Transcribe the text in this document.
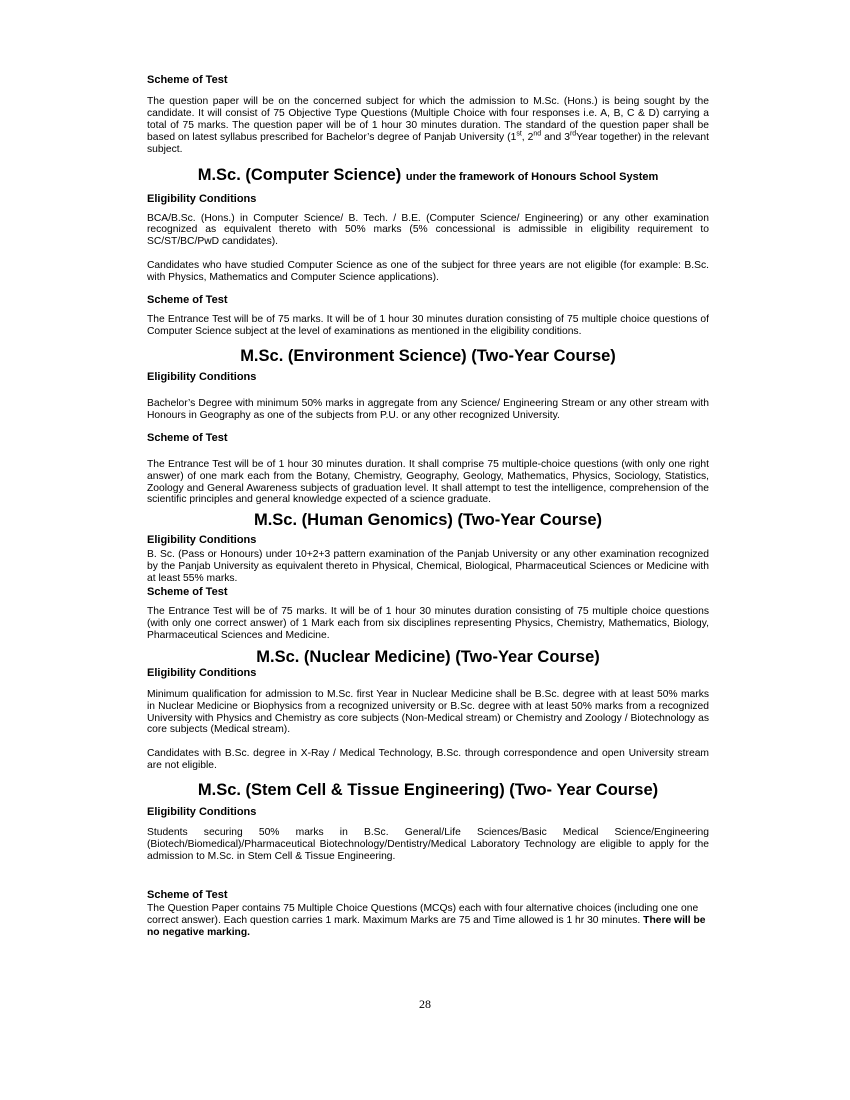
Scheme of Test

The question paper will be on the concerned subject for which the admission to M.Sc. (Hons.) is being sought by the candidate. It will consist of 75 Objective Type Questions (Multiple Choice with four responses i.e. A, B, C & D) carrying a total of 75 marks. The question paper will be of 1 hour 30 minutes duration. The standard of the question paper shall be based on latest syllabus prescribed for Bachelor’s degree of Panjab University (1st, 2nd and 3rdYear together) in the relevant subject.

M.Sc. (Computer Science) under the framework of Honours School System
Eligibility Conditions

BCA/B.Sc. (Hons.) in Computer Science/ B. Tech. / B.E. (Computer Science/ Engineering) or any other examination recognized as equivalent thereto with 50% marks (5% concessional is admissible in eligibility requirement to SC/ST/BC/PwD candidates).

Candidates who have studied Computer Science as one of the subject for three years are not eligible (for example: B.Sc. with Physics, Mathematics and Computer Science applications).

Scheme of Test

The Entrance Test will be of 75 marks. It will be of 1 hour 30 minutes duration consisting of 75 multiple choice questions of Computer Science subject at the level of examinations as mentioned in the eligibility conditions.

M.Sc. (Environment Science) (Two-Year Course)
Eligibility Conditions

Bachelor’s Degree with minimum 50% marks in aggregate from any Science/ Engineering Stream or any other stream with Honours in Geography as one of the subjects from P.U. or any other recognized University.

Scheme of Test

The Entrance Test will be of 1 hour 30 minutes duration. It shall comprise 75 multiple-choice questions (with only one right answer) of one mark each from the Botany, Chemistry, Geography, Geology, Mathematics, Physics, Sociology, Statistics, Zoology and General Awareness subjects of graduation level. It shall attempt to test the intelligence, comprehension of the scientific principles and general knowledge expected of a science graduate.

M.Sc. (Human Genomics) (Two-Year Course)
Eligibility Conditions

B. Sc. (Pass or Honours) under 10+2+3 pattern examination of the Panjab University or any other examination recognized by the Panjab University as equivalent thereto in Physical, Chemical, Biological, Pharmaceutical Sciences or Medicine with at least 55% marks.

Scheme of Test

The Entrance Test will be of 75 marks. It will be of 1 hour 30 minutes duration consisting of 75 multiple choice questions (with only one correct answer) of 1 Mark each from six disciplines representing Physics, Chemistry, Mathematics, Biology, Pharmaceutical Sciences and Medicine.

M.Sc. (Nuclear Medicine) (Two-Year Course)
Eligibility Conditions

Minimum qualification for admission to M.Sc. first Year in Nuclear Medicine shall be B.Sc. degree with at least 50% marks in Nuclear Medicine or Biophysics from a recognized university or B.Sc. degree with at least 50% marks from a recognized University with Physics and Chemistry as core subjects (Non-Medical stream) or Chemistry and Zoology / Biotechnology as core subjects (Medical stream).

Candidates with B.Sc. degree in X-Ray / Medical Technology, B.Sc. through correspondence and open University stream are not eligible.

M.Sc. (Stem Cell & Tissue Engineering) (Two- Year Course)
Eligibility Conditions

Students securing 50% marks in B.Sc. General/Life Sciences/Basic Medical Science/Engineering (Biotech/Biomedical)/Pharmaceutical Biotechnology/Dentistry/Medical Laboratory Technology are eligible to apply for the admission to M.Sc. in Stem Cell & Tissue Engineering.

Scheme of Test

The Question Paper contains 75 Multiple Choice Questions (MCQs) each with four alternative choices (including one one correct answer). Each question carries 1 mark. Maximum Marks are 75 and Time allowed is 1 hr 30 minutes. There will be no negative marking.

28
